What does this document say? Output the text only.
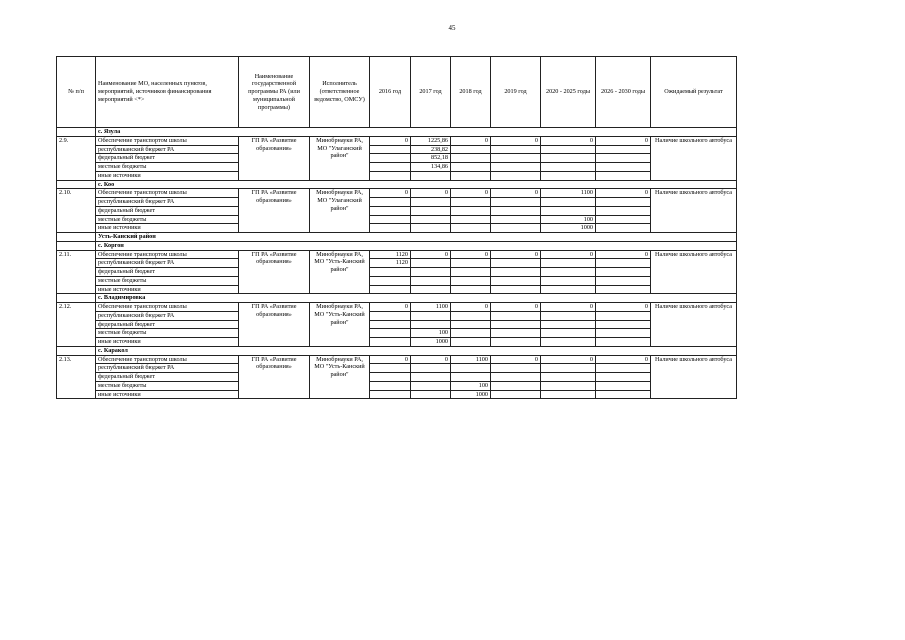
45
№ п/п	Наименование МО, населенных пунктов, мероприятий, источников финансирования мероприятий <*>	Наименование государственной программы РА (или муниципальной программы)	Исполнитель (ответственное ведомство, ОМСУ)	2016 год	2017 год	2018 год	2019 год	2020 - 2025 годы	2026 - 2030 годы	Ожидаемый результат
	с. Язула									
2.9.	Обеспечение транспортом школы	ГП РА «Развитие образования»	Минобрнауки РА, МО "Улаганский район"	0	1225,86	0	0	0	0	Наличие школьного автобуса
	республиканский бюджет РА				238,82					
	федеральный бюджет				852,18					
	местные бюджеты				134,86					
	иные источники									
	с. Коо									
2.10.	Обеспечение транспортом школы	ГП РА «Развитие образования»	Минобрнауки РА, МО "Улаганский район"	0	0	0	0	1100	0	Наличие школьного автобуса
	республиканский бюджет РА									
	федеральный бюджет									
	местные бюджеты							100		
	иные источники							1000		
	Усть-Канский район									
	с. Коргон									
2.11.	Обеспечение транспортом школы	ГП РА «Развитие образования»	Минобрнауки РА, МО "Усть-Канский район"	1120	0	0	0	0	0	Наличие школьного автобуса
	республиканский бюджет РА			1120						
	федеральный бюджет									
	местные бюджеты									
	иные источники									
	с. Владимировка									
2.12.	Обеспечение транспортом школы	ГП РА «Развитие образования»	Минобрнауки РА, МО "Усть-Канский район"	0	1100	0	0	0	0	Наличие школьного автобуса
	республиканский бюджет РА									
	федеральный бюджет									
	местные бюджеты				100					
	иные источники				1000					
	с. Каракол									
2.13.	Обеспечение транспортом школы	ГП РА «Развитие образования»	Минобрнауки РА, МО "Усть-Канский район"	0	0	1100	0	0	0	Наличие школьного автобуса
	республиканский бюджет РА									
	федеральный бюджет									
	местные бюджеты					100				
	иные источники					1000				
